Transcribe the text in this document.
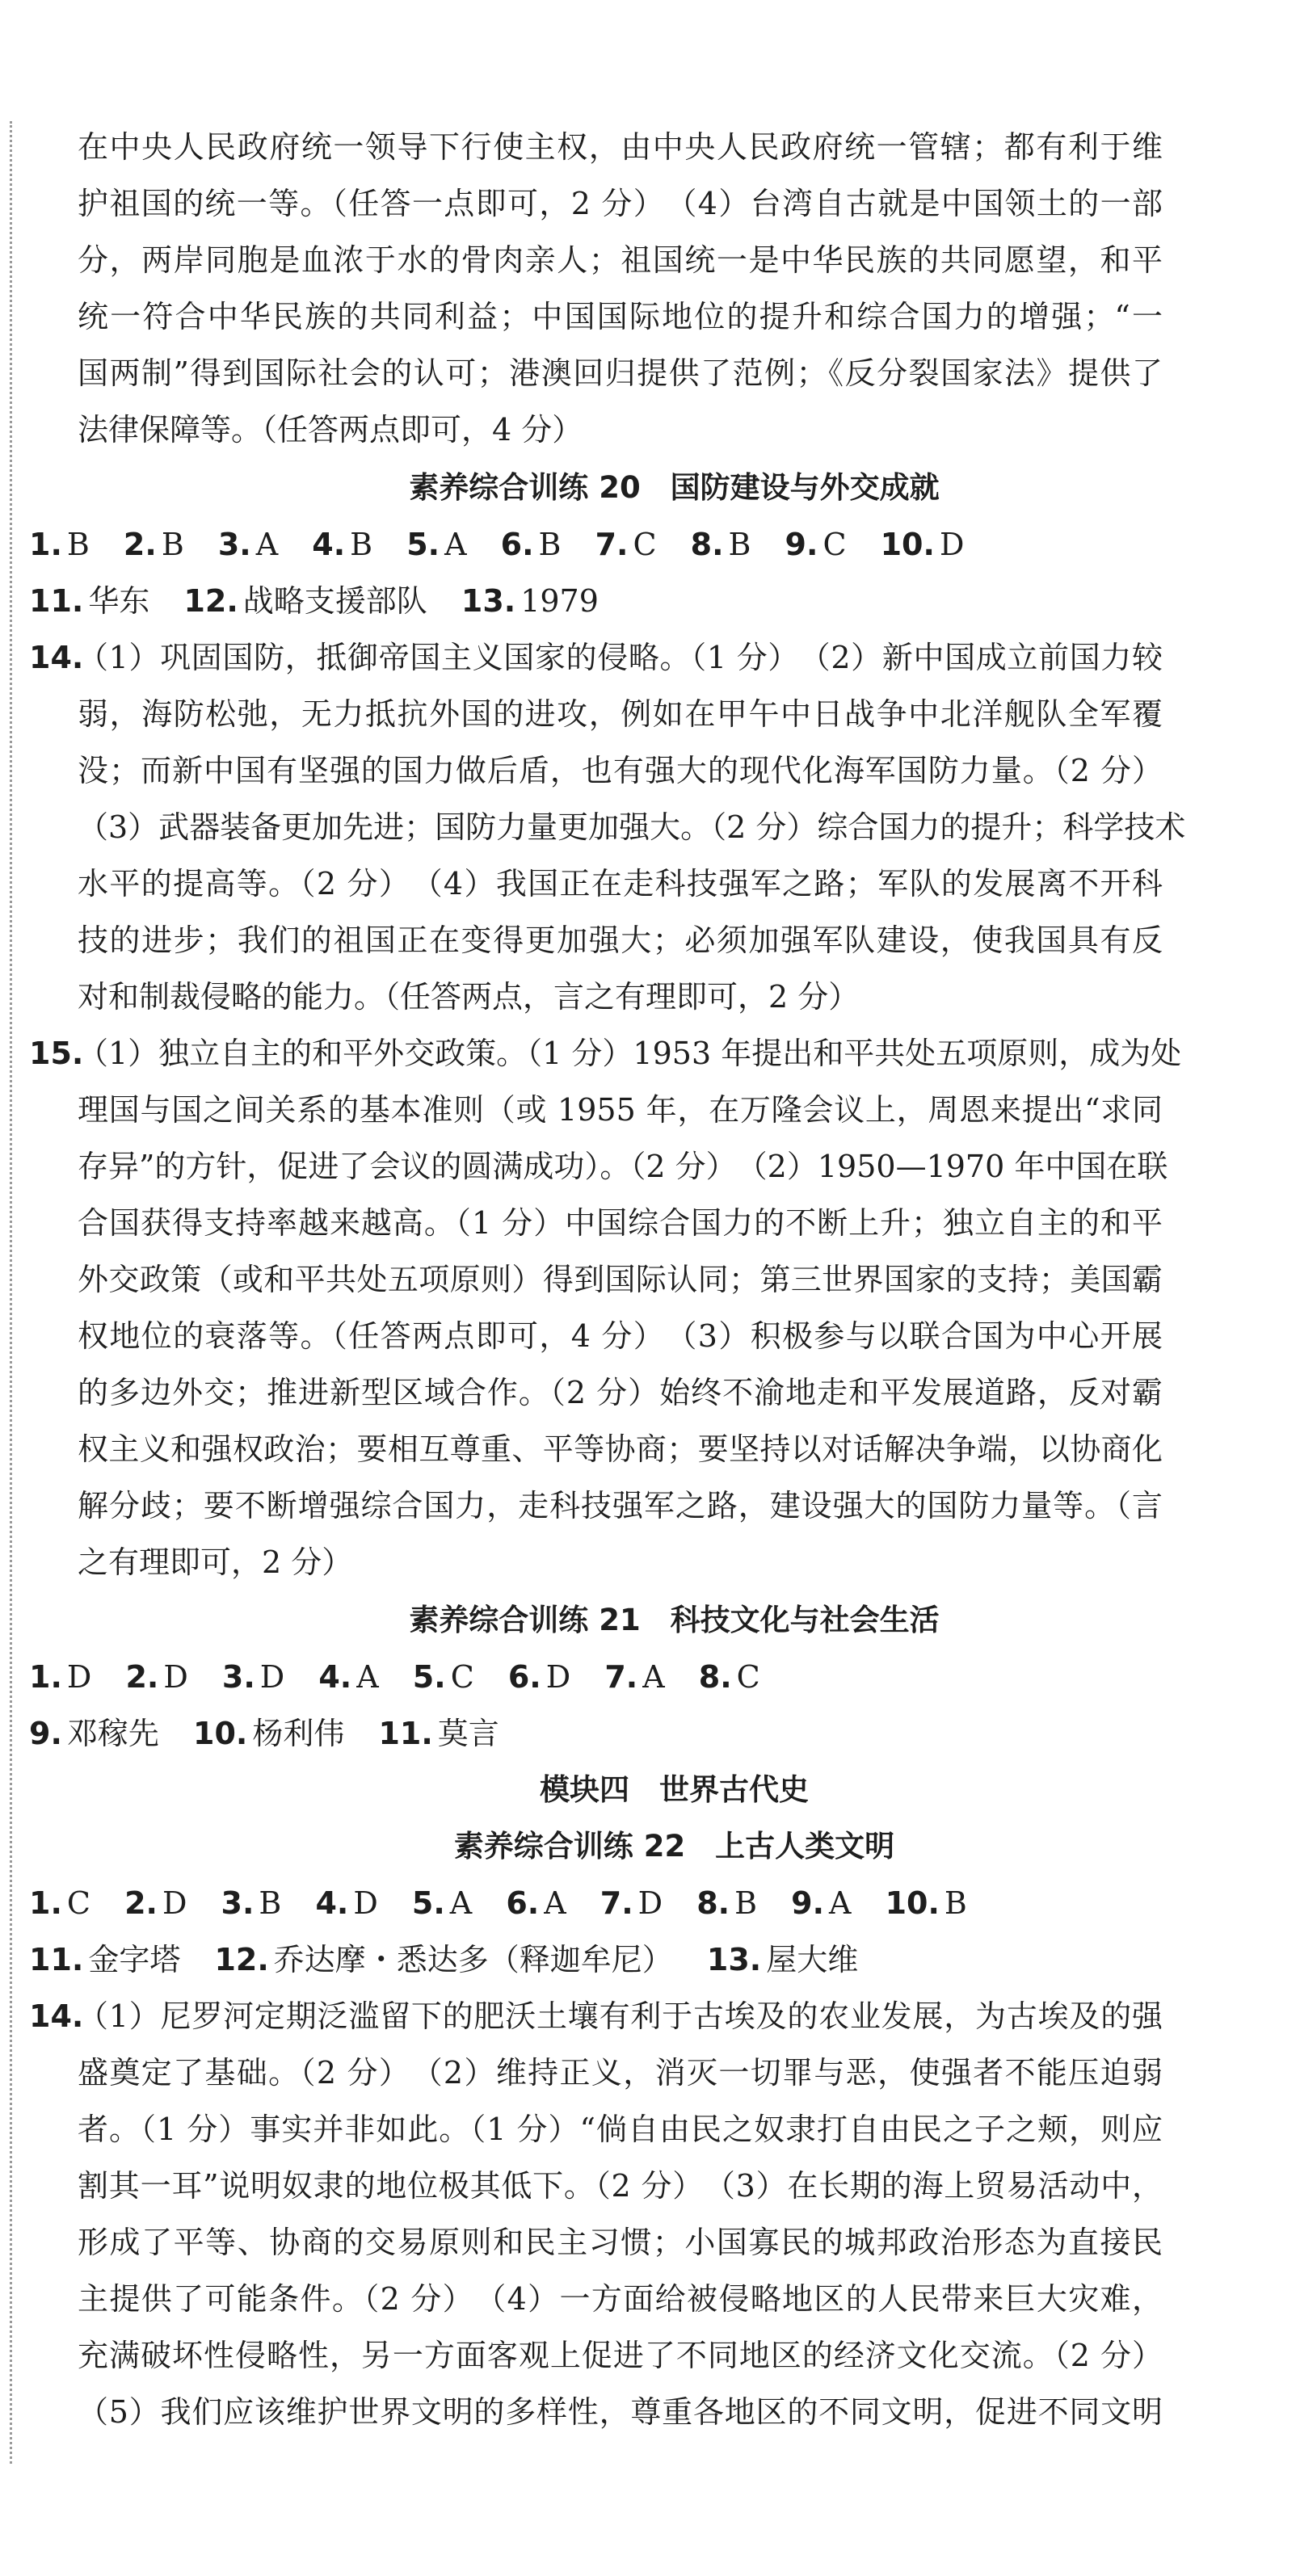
在中央人民政府统一领导下行使主权，由中央人民政府统一管辖；都有利于维
护祖国的统一等。（任答一点即可，2 分）　（4）台湾自古就是中国领土的一部
分，两岸同胞是血浓于水的骨肉亲人；祖国统一是中华民族的共同愿望，和平
统一符合中华民族的共同利益；中国国际地位的提升和综合国力的增强；“一
国两制”得到国际社会的认可；港澳回归提供了范例；《反分裂国家法》提供了
法律保障等。（任答两点即可，4 分）
素养综合训练 20　国防建设与外交成就
1. B 2. B 3. A 4. B 5. A 6. B 7. C 8. B 9. C 10. D
11. 华东 12. 战略支援部队 13. 1979
14.
（1）巩固国防，抵御帝国主义国家的侵略。（1 分）　（2）新中国成立前国力较
弱，海防松弛，无力抵抗外国的进攻，例如在甲午中日战争中北洋舰队全军覆
没；而新中国有坚强的国力做后盾，也有强大的现代化海军国防力量。（2 分）
（3）武器装备更加先进；国防力量更加强大。（2 分）综合国力的提升；科学技术
水平的提高等。（2 分）　（4）我国正在走科技强军之路；军队的发展离不开科
技的进步；我们的祖国正在变得更加强大；必须加强军队建设，使我国具有反
对和制裁侵略的能力。（任答两点，言之有理即可，2 分）
15.
（1）独立自主的和平外交政策。（1 分）1953 年提出和平共处五项原则，成为处
理国与国之间关系的基本准则（或 1955 年，在万隆会议上，周恩来提出“求同
存异”的方针，促进了会议的圆满成功）。（2 分）　（2）1950—1970 年中国在联
合国获得支持率越来越高。（1 分）中国综合国力的不断上升；独立自主的和平
外交政策（或和平共处五项原则）得到国际认同；第三世界国家的支持；美国霸
权地位的衰落等。（任答两点即可，4 分）　（3）积极参与以联合国为中心开展
的多边外交；推进新型区域合作。（2 分）始终不渝地走和平发展道路，反对霸
权主义和强权政治；要相互尊重、平等协商；要坚持以对话解决争端，以协商化
解分歧；要不断增强综合国力，走科技强军之路，建设强大的国防力量等。（言
之有理即可，2 分）
素养综合训练 21　科技文化与社会生活
1. D 2. D 3. D 4. A 5. C 6. D 7. A 8. C
9. 邓稼先 10. 杨利伟 11. 莫言
模块四　世界古代史
素养综合训练 22　上古人类文明
1. C 2. D 3. B 4. D 5. A 6. A 7. D 8. B 9. A 10. B
11. 金字塔 12. 乔达摩・悉达多（释迦牟尼） 13. 屋大维
14.
（1）尼罗河定期泛滥留下的肥沃土壤有利于古埃及的农业发展，为古埃及的强
盛奠定了基础。（2 分）　（2）维持正义，消灭一切罪与恶，使强者不能压迫弱
者。（1 分）事实并非如此。（1 分）“倘自由民之奴隶打自由民之子之颊，则应
割其一耳”说明奴隶的地位极其低下。（2 分）　（3）在长期的海上贸易活动中，
形成了平等、协商的交易原则和民主习惯；小国寡民的城邦政治形态为直接民
主提供了可能条件。（2 分）　（4）一方面给被侵略地区的人民带来巨大灾难，
充满破坏性侵略性，另一方面客观上促进了不同地区的经济文化交流。（2 分）
（5）我们应该维护世界文明的多样性，尊重各地区的不同文明，促进不同文明
